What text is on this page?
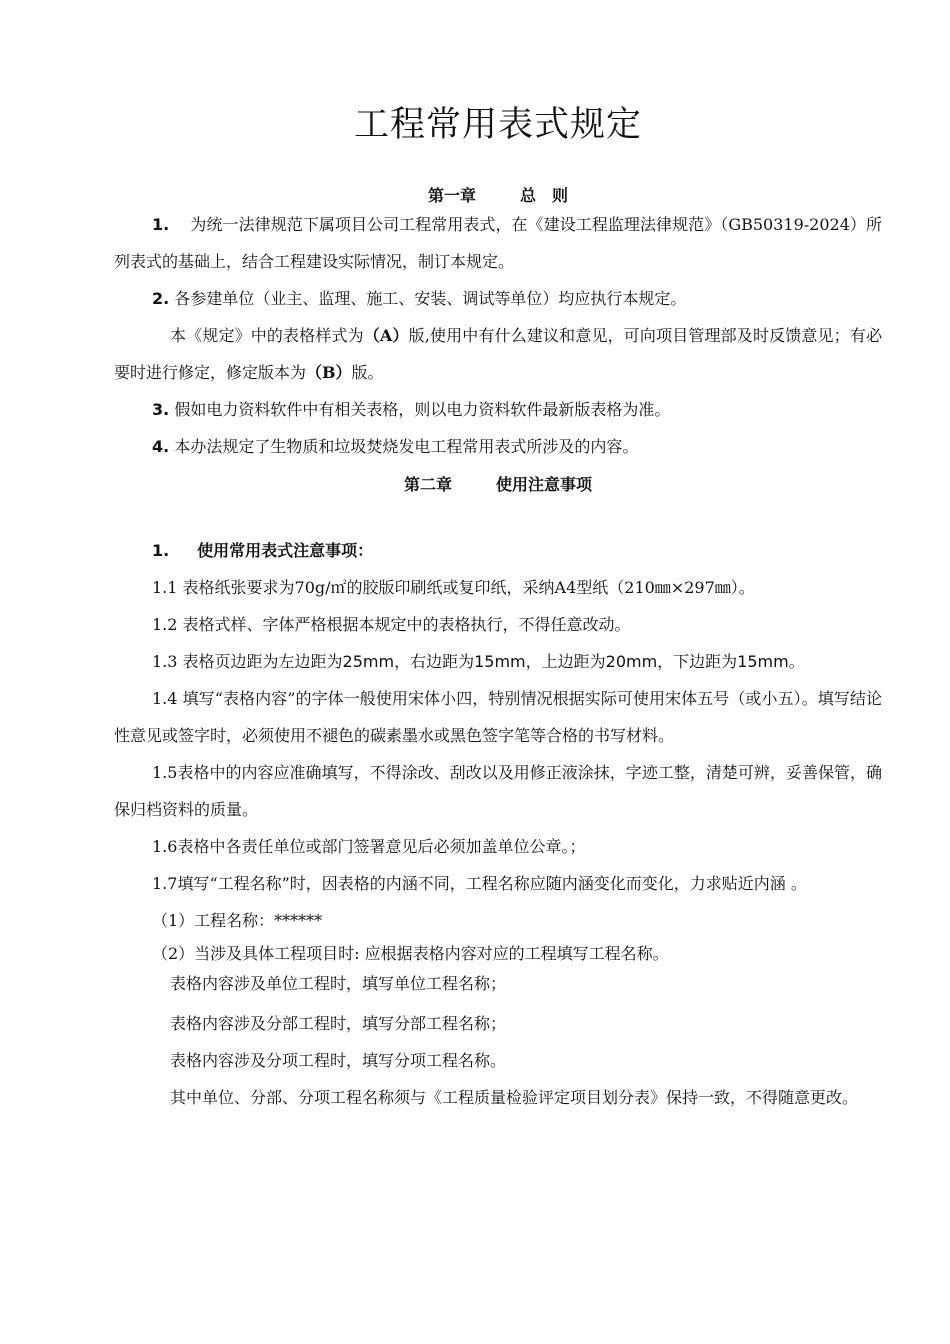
工程常用表式规定
第一章	总　则

1. 　为统一法律规范下属项目公司工程常用表式，在《建设工程监理法律规范》（GB50319-2024）所列表式的基础上，结合工程建设实际情况，制订本规定。

2. 各参建单位（业主、监理、施工、安装、调试等单位）均应执行本规定。

本《规定》中的表格样式为（A）版,使用中有什么建议和意见，可向项目管理部及时反馈意见；有必要时进行修定，修定版本为（B）版。

3. 假如电力资料软件中有相关表格，则以电力资料软件最新版表格为准。

4. 本办法规定了生物质和垃圾焚烧发电工程常用表式所涉及的内容。

第二章	使用注意事项

1. 使用常用表式注意事项：

1.1 表格纸张要求为70g/㎡的胶版印刷纸或复印纸，采纳A4型纸（210㎜×297㎜）。

1.2 表格式样、字体严格根据本规定中的表格执行，不得任意改动。

1.3 表格页边距为左边距为25mm，右边距为15mm，上边距为20mm，下边距为15mm。

1.4 填写“表格内容”的字体一般使用宋体小四，特别情况根据实际可使用宋体五号（或小五）。填写结论性意见或签字时，必须使用不褪色的碳素墨水或黑色签字笔等合格的书写材料。

1.5表格中的内容应准确填写，不得涂改、刮改以及用修正液涂抹，字迹工整，清楚可辨，妥善保管，确保归档资料的质量。

1.6表格中各责任单位或部门签署意见后必须加盖单位公章。；

1.7填写“工程名称”时，因表格的内涵不同，工程名称应随内涵变化而变化，力求贴近内涵 。

（1）工程名称：******

（2）当涉及具体工程项目时: 应根据表格内容对应的工程填写工程名称。

表格内容涉及单位工程时，填写单位工程名称；

表格内容涉及分部工程时，填写分部工程名称；

表格内容涉及分项工程时，填写分项工程名称。

其中单位、分部、分项工程名称须与《工程质量检验评定项目划分表》保持一致，不得随意更改。
